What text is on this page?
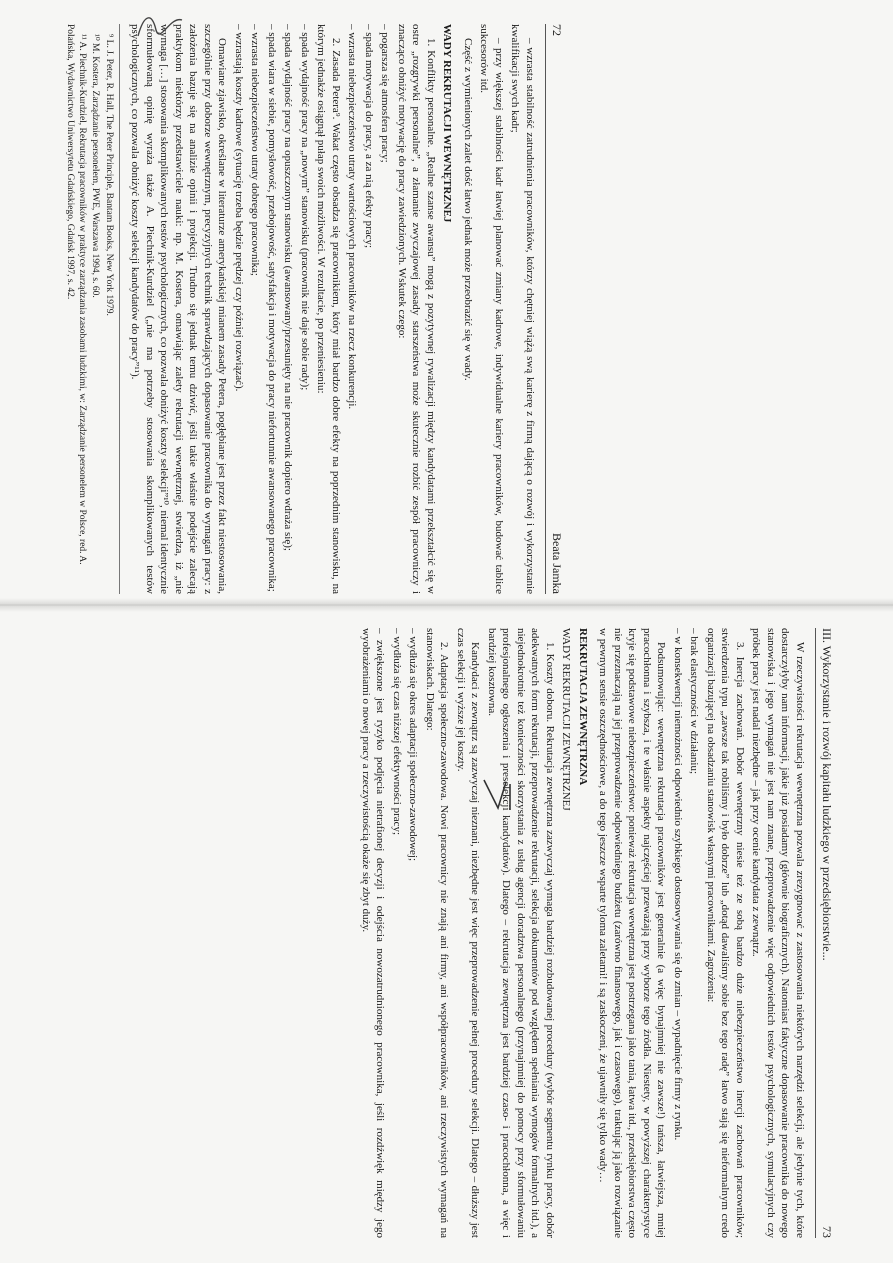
72
Beata Jamka

– wzrasta stabilność zatrudnienia pracowników, którzy chętniej wiążą swą karierę z firmą dającą o rozwój i wykorzystanie kwalifikacji swych kadr;

– przy większej stabilności kadr łatwiej planować zmiany kadrowe, indywidualne kariery pracowników, budować tablice sukcesorów itd.

Część z wymienionych zalet dość łatwo jednak może przeobrazić się w wady.

WADY REKRUTACJI WEWNĘTRZNEJ

1. Konflikty personalne. „Realne szanse awansu” mogą z pozytywnej rywalizacji między kandydatami przekształcić się w ostre „rozgrywki personalne”, a złamanie zwyczajowej zasady starszeństwa może skutecznie rozbić zespół pracowniczy i znacząco obniżyć motywację do pracy zawiedzionych. Wskutek czego:

– pogarsza się atmosfera pracy;

– spada motywacja do pracy, a za nią efekty pracy;

– wzrasta niebezpieczeństwo utraty wartościowych pracowników na rzecz konkurencji.

2. Zasada Petera⁹. Wakat często obsadza się pracownikiem, który miał bardzo dobre efekty na poprzednim stanowisku, na którym jednakże osiągnął pułap swoich możliwości. W rezultacie, po przeniesieniu:

– spada wydajność pracy na „nowym” stanowisku (pracownik nie daje sobie rady);

– spada wydajność pracy na opuszczonym stanowisku (awansowany/przesunięty na nie pracownik dopiero wdraża się);

– spada wiara w siebie, pomysłowość, przebojowość, satysfakcja i motywacja do pracy niefortunnie awansowanego pracownika;

– wzrasta niebezpieczeństwo utraty dobrego pracownika;

– wzrastają koszty kadrowe (sytuację trzeba będzie prędzej czy później rozwiązać).

Omawiane zjawisko, określane w literaturze amerykańskiej mianem zasady Petera, pogłębiane jest przez fakt niestosowania, szczególnie przy doborze wewnętrznym, precyzyjnych technik sprawdzających dopasowanie pracownika do wymagań pracy: z założenia bazuje się na analizie opinii i projekcji. Trudno się jednak temu dziwić, jeśli takie właśnie podejście zalecają praktykom niektórzy przedstawiciele nauki: np. M. Kostera, omawiając zalety rekrutacji wewnętrznej, stwierdza, iż „nie wymaga […] stosowania skomplikowanych testów psychologicznych, co pozwala obniżyć koszty selekcji”¹⁰, niemal identycznie sformułowaną opinię wyraża także A. Piechnik-Kurdziel („nie ma potrzeby stosowania skomplikowanych testów psychologicznych, co pozwala obniżyć koszty selekcji kandydatów do pracy”¹¹).

⁹ L. J. Peter, R. Hall, The Peter Principle, Bantam Books, New York 1979.

¹⁰ M. Kostera, Zarządzanie personelem, PWE, Warszawa 1994, s. 60.

¹¹ A. Piechnik-Kurdziel, Rekrutacja pracowników w praktyce zarządzania zasobami ludzkimi, w: Zarządzanie personelem w Polsce, red. A. Polańska, Wydawnictwo Uniwersytetu Gdańskiego, Gdańsk 1997, s. 42.

III. Wykorzystanie i rozwój kapitału ludzkiego w przedsiębiorstwie...
73

W rzeczywistości rekrutacja wewnętrzna pozwala zrezygnować z zastosowania niektórych narzędzi selekcji, ale jedynie tych, które dostarczyłyby nam informacji, jakie już posiadamy (głównie biograficznych). Natomiast faktyczne dopasowanie pracownika do nowego stanowiska i jego wymagań nie jest nam znane, przeprowadzenie więc odpowiednich testów psychologicznych, symulacyjnych czy próbek pracy jest nadal niezbędne – jak przy ocenie kandydata z zewnątrz.

3. Inercja zachowań. Dobór wewnętrzny niesie też ze sobą bardzo duże niebezpieczeństwo inercji zachowań pracowników; stwierdzenia typu „zawsze tak robiliśmy i było dobrze” lub „dotąd dawaliśmy sobie bez tego radę” łatwo stają się nieformalnym credo organizacji bazującej na obsadzaniu stanowisk własnymi pracownikami. Zagrożenia:

– brak elastyczności w działaniu;

– w konsekwencji niemożności odpowiednio szybkiego dostosowywania się do zmian – wypadnięcie firmy z rynku.

Podsumowując: wewnętrzna rekrutacja pracowników jest generalnie (a więc bynajmniej nie zawsze!) tańsza, łatwiejsza, mniej pracochłonna i szybsza, i te właśnie aspekty najczęściej przeważają przy wyborze tego źródła. Niestety, w powyższej charakterystyce kryje się podstawowe niebezpieczeństwo: ponieważ rekrutacja wewnętrzna jest postrzegana jako tania, łatwa itd., przedsiębiorstwa często nie przeznaczają na jej przeprowadzenie odpowiedniego budżetu (zarówno finansowego, jak i czasowego), traktując ją jako rozwiązanie w pewnym sensie oszczędnościowe, a do tego jeszcze wsparte tyloma zaletami! i są zaskoczeni, że ujawniły się tylko wady…

REKRUTACJA ZEWNĘTRZNA

WADY REKRUTACJI ZEWNĘTRZNEJ

1. Koszty doboru. Rekrutacja zewnętrzna zazwyczaj wymaga bardziej rozbudowanej procedury (wybór segmentu rynku pracy, dobór adekwatnych form rekrutacji, przeprowadzenie rekrutacji, selekcja dokumentów pod względem spełniania wymogów formalnych itd.), a niejednokrotnie też konieczności skorzystania z usług agencji doradztwa personalnego (przynajmniej do pomocy przy sformułowaniu profesjonalnego ogłoszenia i preselekcji kandydatów). Dlatego – rekrutacja zewnętrzna jest bardziej czaso- i pracochłonna, a więc i bardziej kosztowna.

Kandydaci z zewnątrz są zazwyczaj nieznani, niezbędne jest więc przeprowadzenie pełnej procedury selekcji. Dlatego – dłuższy jest czas selekcji i wyższe jej koszty.

2. Adaptacja społeczno-zawodowa. Nowi pracownicy nie znają ani firmy, ani współpracowników, ani rzeczywistych wymagań na stanowiskach. Dlatego:

– wydłuża się okres adaptacji społeczno-zawodowej;

– wydłuża się czas niższej efektywności pracy;

– zwiększone jest ryzyko podjęcia nietrafionej decyzji i odejścia nowozatrudnionego pracownika, jeśli rozdźwięk między jego wyobrażeniami o nowej pracy a rzeczywistością okaże się zbyt duży.
